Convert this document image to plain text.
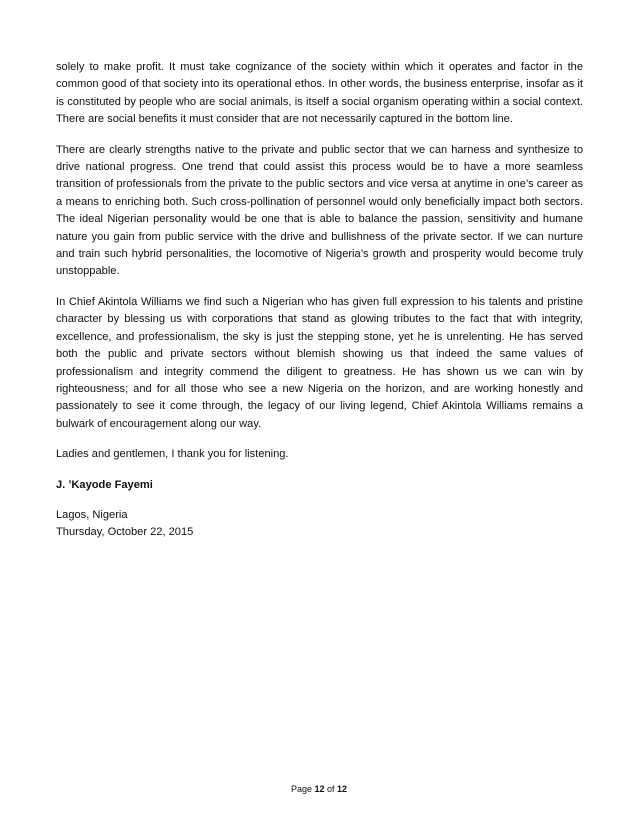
solely to make profit. It must take cognizance of the society within which it operates and factor in the common good of that society into its operational ethos. In other words, the business enterprise, insofar as it is constituted by people who are social animals, is itself a social organism operating within a social context. There are social benefits it must consider that are not necessarily captured in the bottom line.

There are clearly strengths native to the private and public sector that we can harness and synthesize to drive national progress. One trend that could assist this process would be to have a more seamless transition of professionals from the private to the public sectors and vice versa at anytime in one’s career as a means to enriching both. Such cross-pollination of personnel would only beneficially impact both sectors. The ideal Nigerian personality would be one that is able to balance the passion, sensitivity and humane nature you gain from public service with the drive and bullishness of the private sector. If we can nurture and train such hybrid personalities, the locomotive of Nigeria’s growth and prosperity would become truly unstoppable.

In Chief Akintola Williams we find such a Nigerian who has given full expression to his talents and pristine character by blessing us with corporations that stand as glowing tributes to the fact that with integrity, excellence, and professionalism, the sky is just the stepping stone, yet he is unrelenting. He has served both the public and private sectors without blemish showing us that indeed the same values of professionalism and integrity commend the diligent to greatness. He has shown us we can win by righteousness; and for all those who see a new Nigeria on the horizon, and are working honestly and passionately to see it come through, the legacy of our living legend, Chief Akintola Williams remains a bulwark of encouragement along our way.

Ladies and gentlemen, I thank you for listening.

J. ’Kayode Fayemi

Lagos, Nigeria
Thursday, October 22, 2015
Page 12 of 12
